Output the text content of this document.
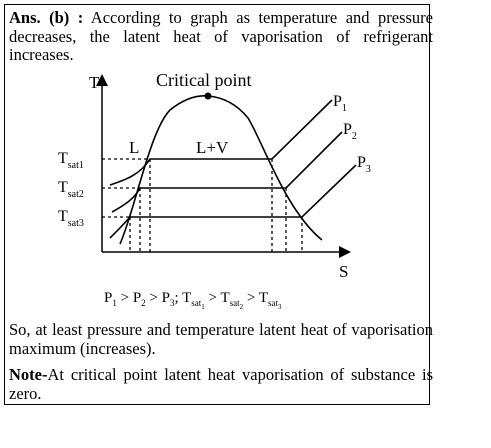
Ans. (b) : According to graph as temperature and pressure decreases, the latent heat of vaporisation of refrigerant increases.

So, at least pressure and temperature latent heat of vaporisation maximum (increases).

Note-At critical point latent heat vaporisation of substance is zero.

T
S
Critical point
L	L+V
$P_1$
$P_2$
$P_3$
$T_{sat1}$
$T_{sat2}$
$T_{sat3}$
$P_1 > P_2 > P_3$; $T_{sat1} > T_{sat2} > T_{sat3}$
